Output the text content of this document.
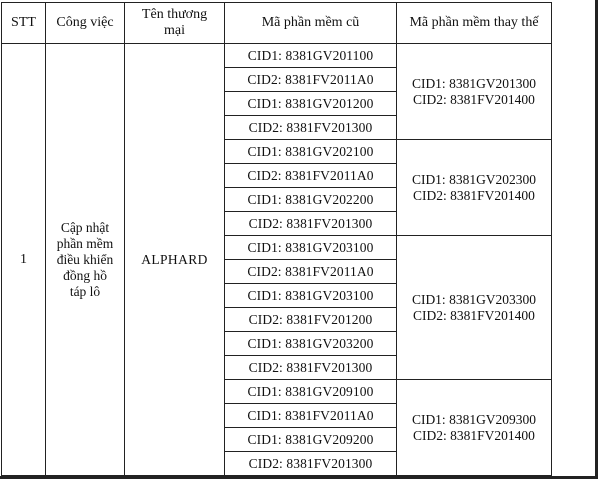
STT	Công việc	Tên thương
mại	Mã phần mềm cũ	Mã phần mềm thay thế
1	Cập nhật
phần mềm
điều khiển
đồng hồ
táp lô	ALPHARD	CID1: 8381GV201100	CID1: 8381GV201300
CID2: 8381FV201400

			CID2: 8381FV2011A0	
			CID1: 8381GV201200	
			CID2: 8381FV201300	
			CID1: 8381GV202100	CID1: 8381GV202300
CID2: 8381FV201400

			CID2: 8381FV2011A0	
			CID1: 8381GV202200	
			CID2: 8381FV201300	
			CID1: 8381GV203100	CID1: 8381GV203300
CID2: 8381FV201400

			CID2: 8381FV2011A0	
			CID1: 8381GV203100	
			CID2: 8381FV201200	
			CID1: 8381GV203200	
			CID2: 8381FV201300	
			CID1: 8381GV209100	CID1: 8381GV209300
CID2: 8381FV201400

			CID1: 8381FV2011A0	
			CID1: 8381GV209200	
			CID2: 8381FV201300	
